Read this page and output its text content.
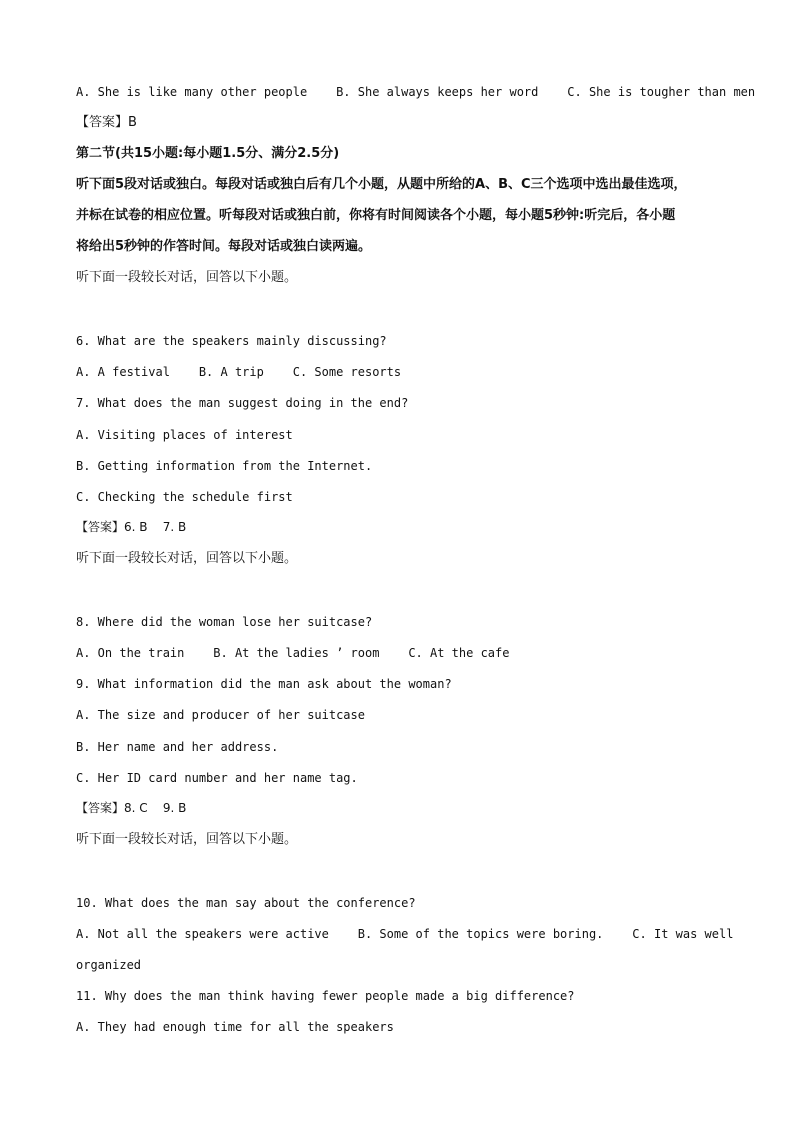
A. She is like many other people    B. She always keeps her word    C. She is tougher than men
【答案】B
第二节(共15小题:每小题1.5分、满分2.5分)
听下面5段对话或独白。每段对话或独白后有几个小题，从题中所给的A、B、C三个选项中选出最佳选项，
并标在试卷的相应位置。听每段对话或独白前，你将有时间阅读各个小题，每小题5秒钟:听完后，各小题
将给出5秒钟的作答时间。每段对话或独白读两遍。
听下面一段较长对话，回答以下小题。
6. What are the speakers mainly discussing?
A. A festival    B. A trip    C. Some resorts
7. What does the man suggest doing in the end?
A. Visiting places of interest
B. Getting information from the Internet.
C. Checking the schedule first
【答案】6. B    7. B
听下面一段较长对话，回答以下小题。
8. Where did the woman lose her suitcase?
A. On the train    B. At the ladies ’ room    C. At the cafe
9. What information did the man ask about the woman?
A. The size and producer of her suitcase
B. Her name and her address.
C. Her ID card number and her name tag.
【答案】8. C    9. B
听下面一段较长对话，回答以下小题。
10. What does the man say about the conference?
A. Not all the speakers were active    B. Some of the topics were boring.    C. It was well
organized
11. Why does the man think having fewer people made a big difference?
A. They had enough time for all the speakers
